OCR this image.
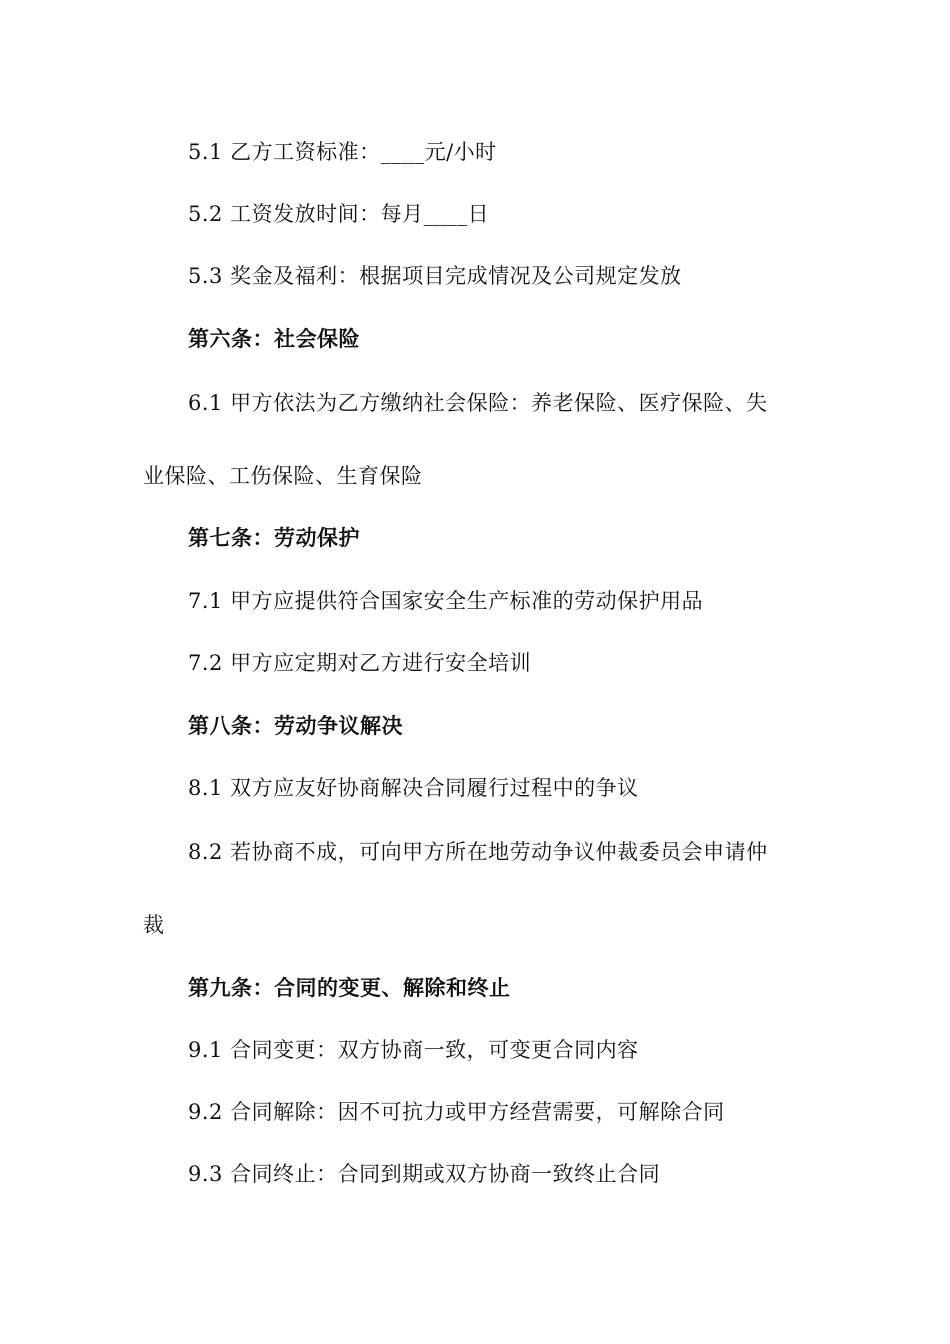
5.1 乙方工资标准：____元/小时
5.2 工资发放时间：每月____日
5.3 奖金及福利：根据项目完成情况及公司规定发放
第六条：社会保险
6.1 甲方依法为乙方缴纳社会保险：养老保险、医疗保险、失
业保险、工伤保险、生育保险
第七条：劳动保护
7.1 甲方应提供符合国家安全生产标准的劳动保护用品
7.2 甲方应定期对乙方进行安全培训
第八条：劳动争议解决
8.1 双方应友好协商解决合同履行过程中的争议
8.2 若协商不成，可向甲方所在地劳动争议仲裁委员会申请仲
裁
第九条：合同的变更、解除和终止
9.1 合同变更：双方协商一致，可变更合同内容
9.2 合同解除：因不可抗力或甲方经营需要，可解除合同
9.3 合同终止：合同到期或双方协商一致终止合同
